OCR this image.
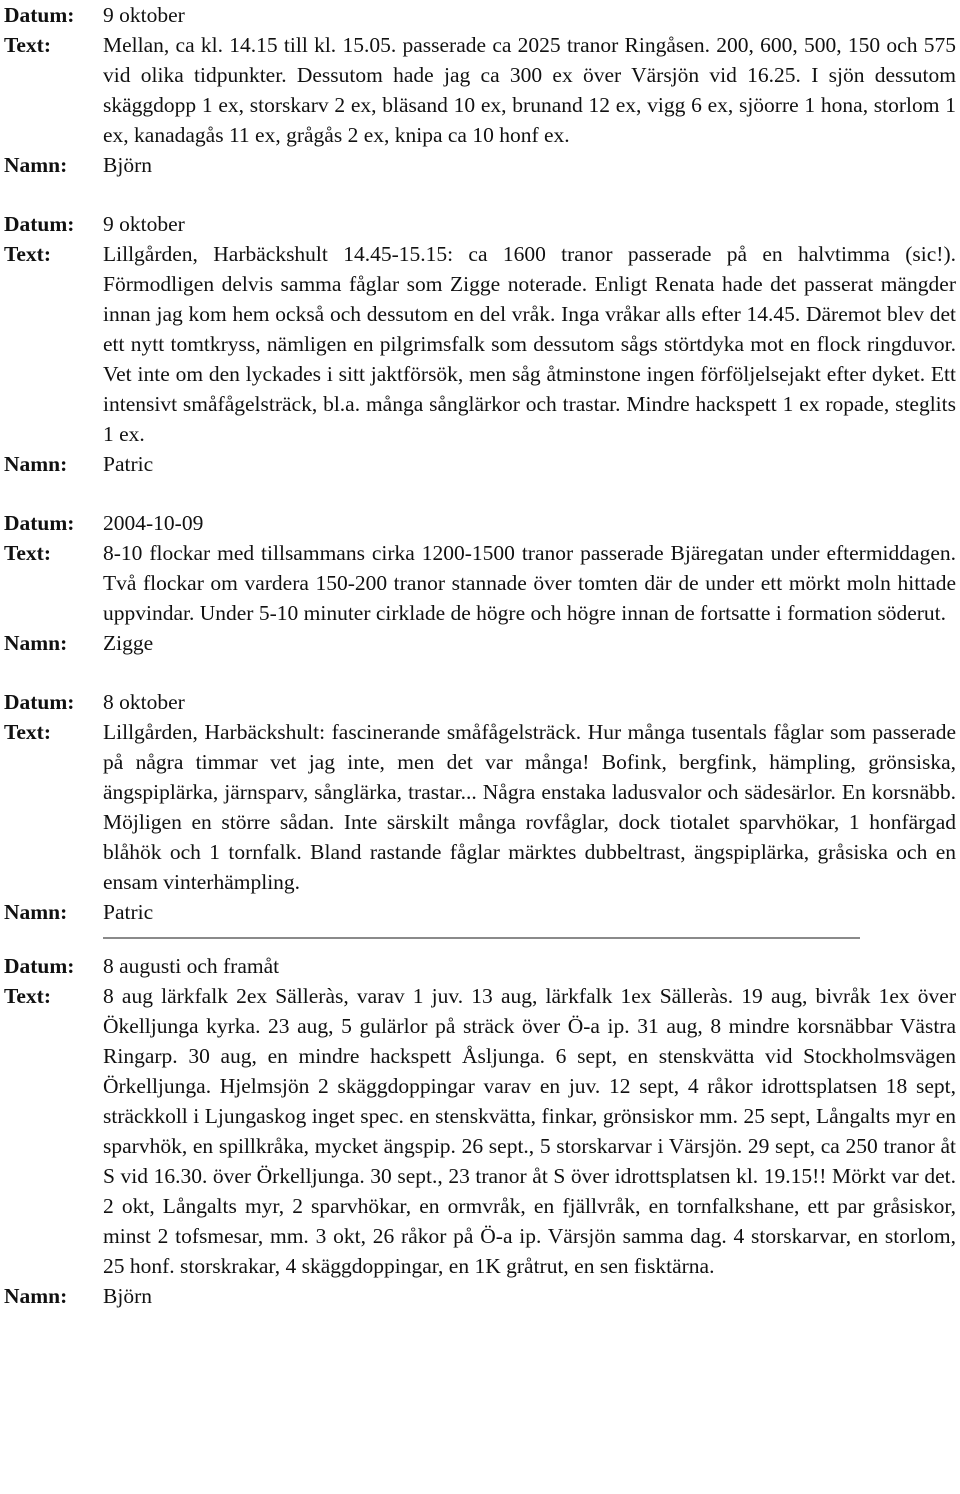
Datum:	9 oktober
Text:	Mellan, ca kl. 14.15 till kl. 15.05. passerade ca 2025 tranor Ringåsen. 200, 600, 500, 150 och 575 vid olika tidpunkter. Dessutom hade jag ca 300 ex över Värsjön vid 16.25. I sjön dessutom skäggdopp 1 ex, storskarv 2 ex, bläsand 10 ex, brunand 12 ex, vigg 6 ex, sjöorre 1 hona, storlom 1 ex, kanadagås 11 ex, grågås 2 ex, knipa ca 10 honf ex.
Namn:	Björn
Datum:	9 oktober
Text:	Lillgården, Harbäckshult 14.45-15.15: ca 1600 tranor passerade på en halvtimma (sic!). Förmodligen delvis samma fåglar som Zigge noterade. Enligt Renata hade det passerat mängder innan jag kom hem också och dessutom en del vråk. Inga vråkar alls efter 14.45. Däremot blev det ett nytt tomtkryss, nämligen en pilgrimsfalk som dessutom sågs störtdyka mot en flock ringduvor. Vet inte om den lyckades i sitt jaktförsök, men såg åtminstone ingen förföljelsejakt efter dyket. Ett intensivt småfågelsträck, bl.a. många sånglärkor och trastar. Mindre hackspett 1 ex ropade, steglits 1 ex.
Namn:	Patric
Datum:	2004-10-09
Text:	8-10 flockar med tillsammans cirka 1200-1500 tranor passerade Bjäregatan under eftermiddagen. Två flockar om vardera 150-200 tranor stannade över tomten där de under ett mörkt moln hittade uppvindar. Under 5-10 minuter cirklade de högre och högre innan de fortsatte i formation söderut.
Namn:	Zigge
Datum:	8 oktober
Text:	Lillgården, Harbäckshult: fascinerande småfågelsträck. Hur många tusentals fåglar som passerade på några timmar vet jag inte, men det var många! Bofink, bergfink, hämpling, grönsiska, ängspiplärka, järnsparv, sånglärka, trastar... Några enstaka ladusvalor och sädesärlor. En korsnäbb. Möjligen en större sådan. Inte särskilt många rovfåglar, dock tiotalet sparvhökar, 1 honfärgad blåhök och 1 tornfalk. Bland rastande fåglar märktes dubbeltrast, ängspiplärka, gråsiska och en ensam vinterhämpling.
Namn:	Patric
Datum:	8 augusti och framåt
Text:	8 aug lärkfalk 2ex Sälleràs, varav 1 juv. 13 aug, lärkfalk 1ex Sälleràs. 19 aug, bivråk 1ex över Ökelljunga kyrka. 23 aug, 5 gulärlor på sträck över Ö-a ip. 31 aug, 8 mindre korsnäbbar Västra Ringarp. 30 aug, en mindre hackspett Åsljunga. 6 sept, en stenskvätta vid Stockholmsvägen Örkelljunga. Hjelmsjön 2 skäggdoppingar varav en juv. 12 sept, 4 råkor idrottsplatsen 18 sept, sträckkoll i Ljungaskog inget spec. en stenskvätta, finkar, grönsiskor mm. 25 sept, Långalts myr en sparvhök, en spillkråka, mycket ängspip. 26 sept., 5 storskarvar i Värsjön. 29 sept, ca 250 tranor åt S vid 16.30. över Örkelljunga. 30 sept., 23 tranor åt S över idrottsplatsen kl. 19.15!! Mörkt var det. 2 okt, Långalts myr, 2 sparvhökar, en ormvråk, en fjällvråk, en tornfalkshane, ett par gråsiskor, minst 2 tofsmesar, mm. 3 okt, 26 råkor på Ö-a ip. Värsjön samma dag. 4 storskarvar, en storlom, 25 honf. storskrakar, 4 skäggdoppingar, en 1K gråtrut, en sen fisktärna.
Namn:	Björn
